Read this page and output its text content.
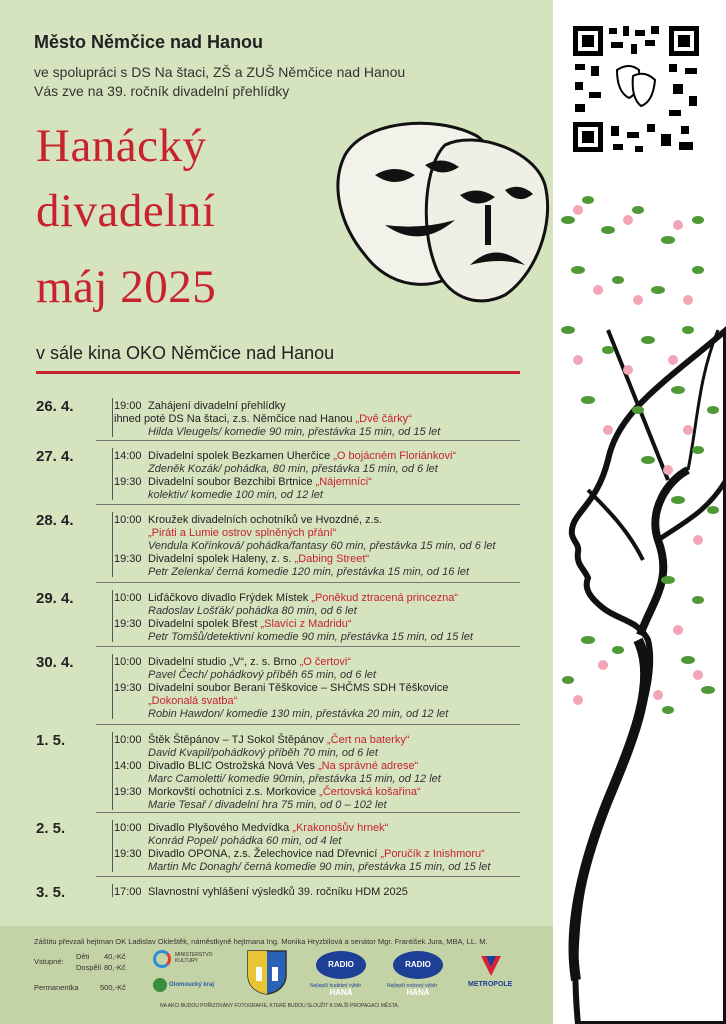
Město Němčice nad Hanou
ve spolupráci s DS Na štaci, ZŠ a ZUŠ Němčice nad Hanou
Vás zve na 39. ročník divadelní přehlídky
Hanácký
divadelní
máj 2025
v sále kina OKO Němčice nad Hanou
26. 4.	19:00 Zahájení divadelní přehlídky
ihned poté DS Na štaci, z.s. Němčice nad Hanou „Dvě čárky“
Hilda Vleugels/ komedie 90 min, přestávka 15 min, od 15 let
27. 4.	14:00 Divadelní spolek Bezkamen Uherčice „O bojácném Floriánkovi“
Zdeněk Kozák/ pohádka, 80 min, přestávka 15 min, od 6 let
19:30 Divadelní soubor Bezchibi Brtnice „Nájemníci“
kolektiv/ komedie 100 min, od 12 let
28. 4.	10:00 Kroužek divadelních ochotníků ve Hvozdné, z.s.
„Piráti a Lumie ostrov splněných přání“
Vendula Kořínková/ pohádka/fantasy 60 min, přestávka 15 min, od 6 let
19:30 Divadelní spolek Haleny, z. s. „Dabing Street“
Petr Zelenka/ černá komedie 120 min, přestávka 15 min, od 16 let
29. 4.	10:00 Liďáčkovo divadlo Frýdek Místek „Poněkud ztracená princezna“
Radoslav Lošťák/ pohádka 80 min, od 6 let
19:30 Divadelní spolek Břest „Slavíci z Madridu“
Petr Tomšů/detektivní komedie 90 min, přestávka 15 min, od 15 let
30. 4.	10:00 Divadelní studio „V“, z. s. Brno „O čertovi“
Pavel Čech/ pohádkový příběh 65 min, od 6 let
19:30 Divadelní soubor Berani Těškovice – SHČMS SDH Těškovice
„Dokonalá svatba“
Robin Hawdon/ komedie 130 min, přestávka 20 min, od 12 let
1. 5.	10:00 Štěk Štěpánov – TJ Sokol Štěpánov „Čert na baterky“
David Kvapil/pohádkový příběh 70 min, od 6 let
14:00 Divadlo BLIC Ostrožská Nová Ves „Na správné adrese“
Marc Camoletti/ komedie 90min, přestávka 15 min, od 12 let
19:30 Morkovští ochotníci z.s. Morkovice „Čertovská košařina“
Marie Tesař / divadelní hra 75 min, od 0 – 102 let
2. 5.	10:00 Divadlo Plyšového Medvídka „Krakonošův hrnek“
Konrád Popel/ pohádka 60 min, od 4 let
19:30 Divadlo OPONA, z.s. Želechovice nad Dřevnicí „Poručík z Inishmoru“
Martin Mc Donagh/ černá komedie 90 min, přestávka 15 min, od 15 let
3. 5.	17:00 Slavnostní vyhlášení výsledků 39. ročníku HDM 2025
Záštitu převzali hejtman OK Ladislav Okleštěk, náměstkyně hejtmana Ing. Monika Hryzbilová a senátor Mgr. František Jura, MBA, LL. M.
Vstupné:
Děti 40,-Kč
Dospělí 80,-Kč
Permanentka	500,-Kč
MINISTERSTVO KULTURY
Olomoucký kraj
RADIO HANÁ
Nejlepší hudební výběr
RADIO HANÁ
Nejlepší rockový výběr	METROPOLE
NA AKCI BUDOU POŘIZOVÁNY FOTOGRAFIE, KTERÉ BUDOU SLOUŽIT K DALŠÍ PROPAGACI MĚSTA.
